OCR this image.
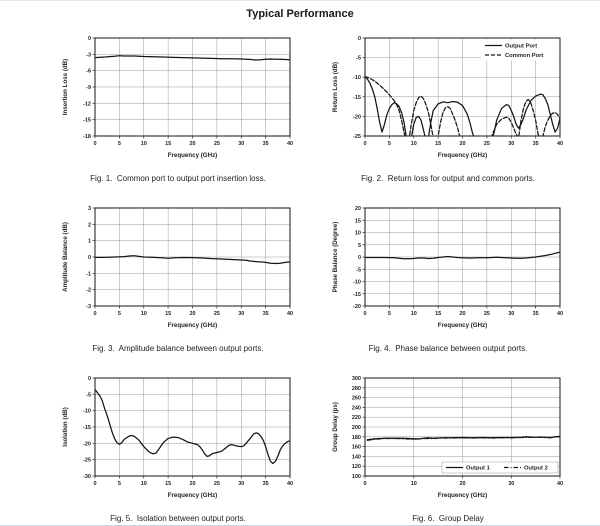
Typical Performance
0	5	10	15	20	25	30	35	40
0
-3
-6
-9
-12
-15
-18
Frequency (GHz)
Insertion Loss (dB)
Fig. 1.  Common port to output port insertion loss.
0	5	10	15	20	25	30	35	40
0
-5
-10
-15
-20
-25
Frequency (GHz)
Return Loss (dB)
Output Port
Common Port
Fig. 2.  Return loss for output and common ports.
0	5	10	15	20	25	30	35	40
3
2
1
0
-1
-2
-3
Frequency (GHz)
Amplitude Balance (dB)
Fig. 3.  Amplitude balance between output ports.
0	5	10	15	20	25	30	35	40
20
15
10
5
0
-5
-10
-15
-20
Frequency (GHz)
Phase Balance (Degree)
Fig. 4.  Phase balance between output ports.
0	5	10	15	20	25	30	35	40
0
-5
-10
-15
-20
-25
-30
Frequency (GHz)
Isolation (dB)
Fig. 5.  Isolation between output ports.
0	10	20	30	40
300
280
260
240
220
200
180
160
140
120
100
Frequency (GHz)
Group Delay (ps)
Output 1	Output 2
Fig. 6.  Group Delay
